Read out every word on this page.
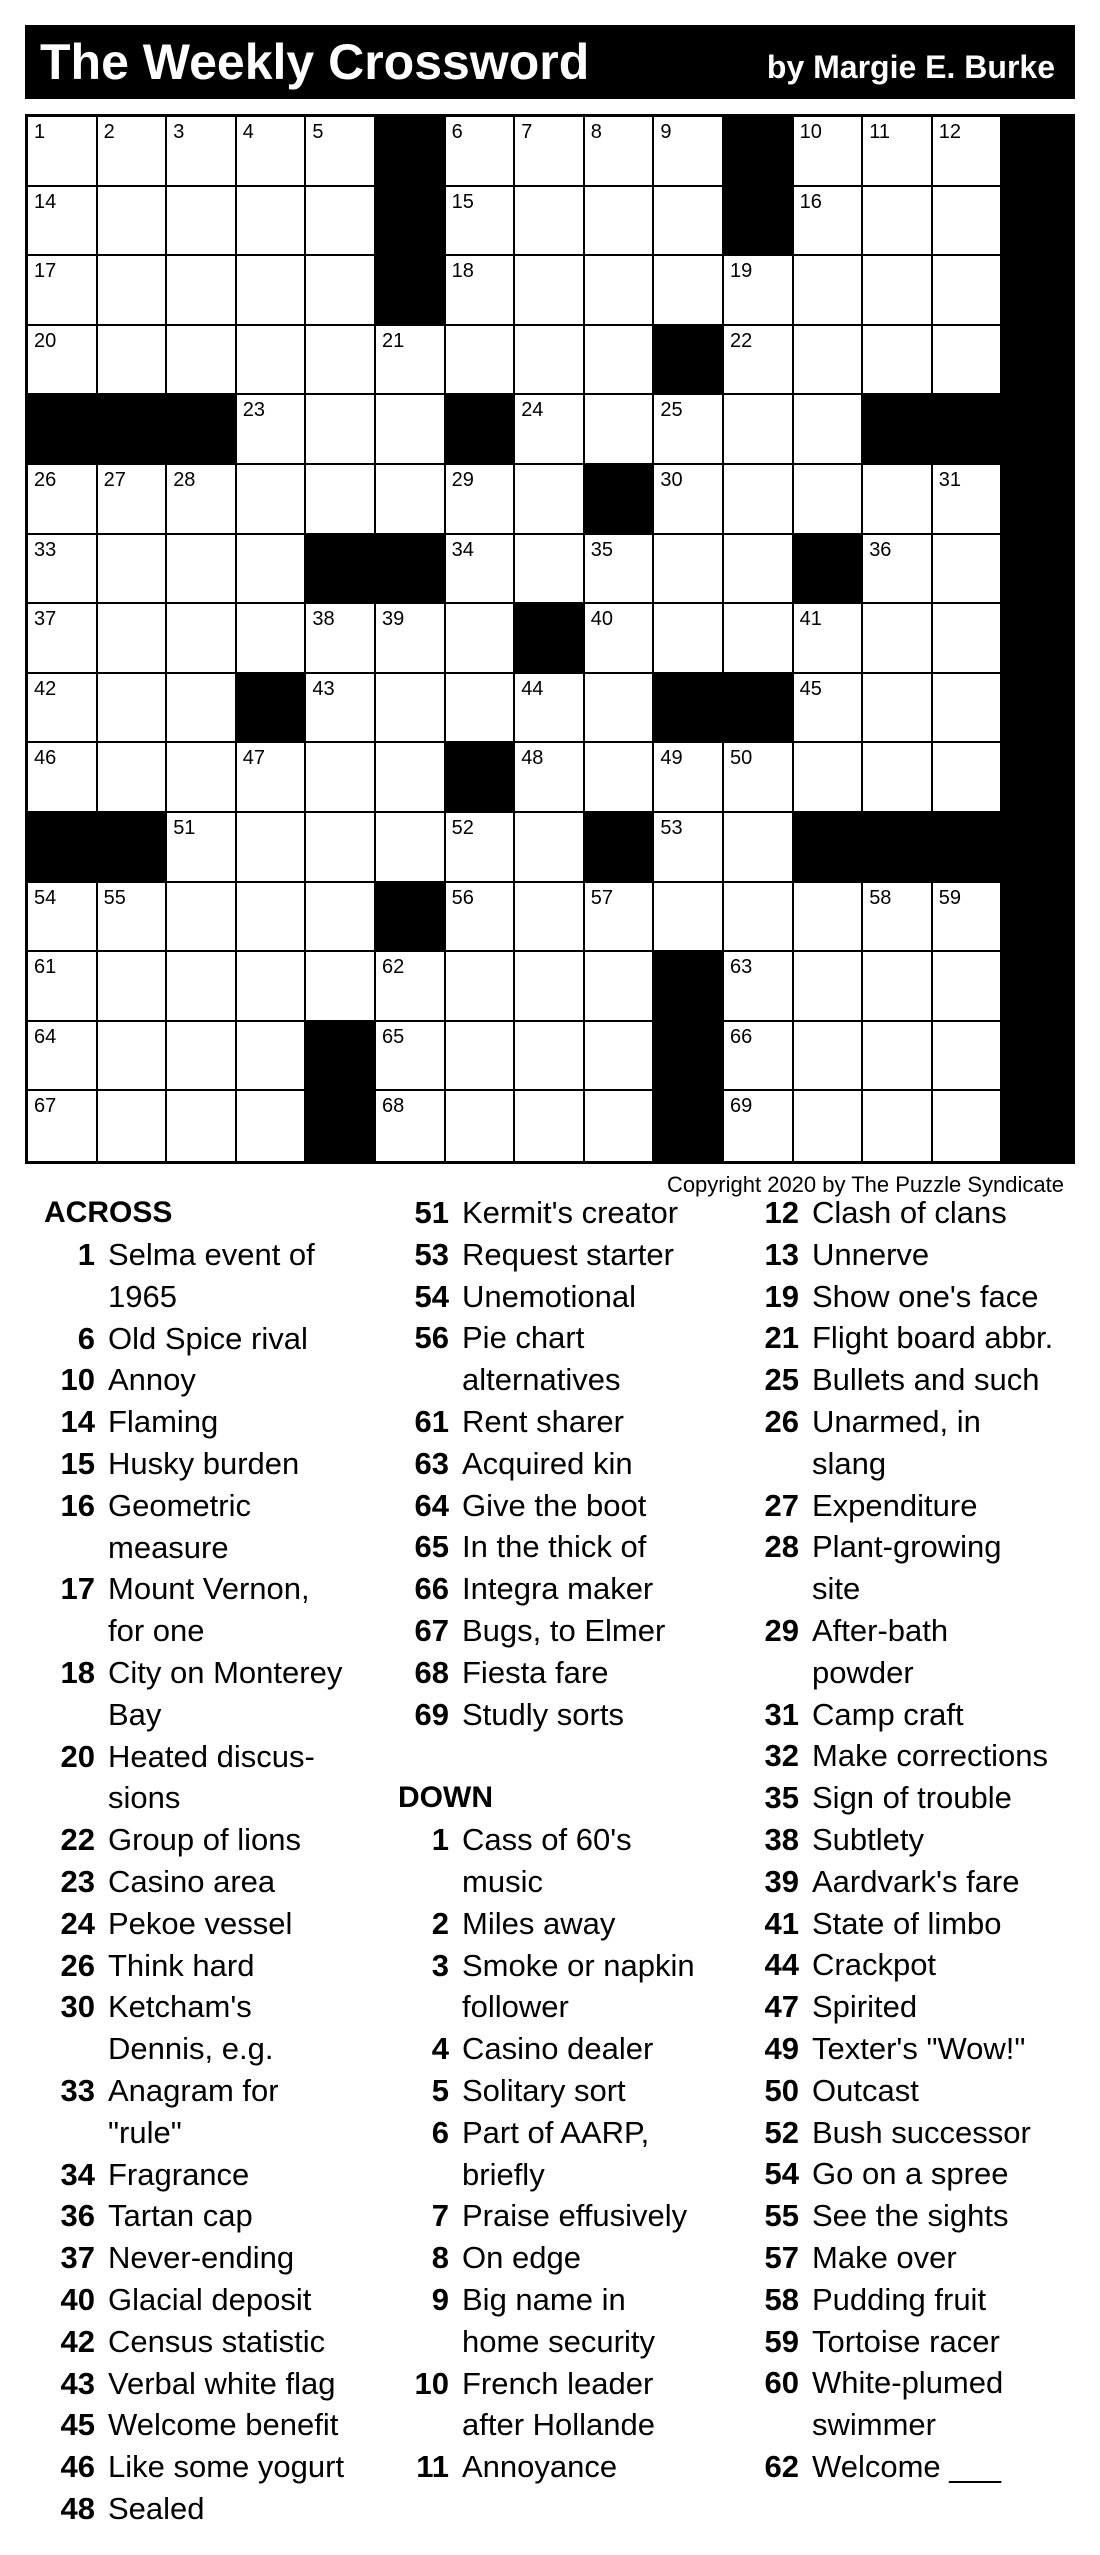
The Weekly Crossword	by Margie E. Burke
1	2	3	4	5	6	7	8	9	10 11 12
14	15	16
17	18	19
20	21	22
23	24	25
26 27 28	29	30	31
33	34	35	36
37	38 39	40	41
42	43	44	45
46	47	48	49 50
51	52	53
54 55	56	57	58 59
61	62	63
64	65	66
67	68	69
Copyright 2020 by The Puzzle Syndicate
ACROSS
1 Selma event of
1965
6 Old Spice rival
10 Annoy
14 Flaming
15 Husky burden
16 Geometric
measure
17 Mount Vernon,
for one
18 City on Monterey
Bay
20 Heated discus-
sions
22 Group of lions
23 Casino area
24 Pekoe vessel
26 Think hard
30 Ketcham's
Dennis, e.g.
33 Anagram for
"rule"
34 Fragrance
36 Tartan cap
37 Never-ending
40 Glacial deposit
42 Census statistic
43 Verbal white flag
45 Welcome benefit
46 Like some yogurt
48 Sealed
51 Kermit's creator
53 Request starter
54 Unemotional
56 Pie chart
alternatives
61 Rent sharer
63 Acquired kin
64 Give the boot
65 In the thick of
66 Integra maker
67 Bugs, to Elmer
68 Fiesta fare
69 Studly sorts
DOWN
1 Cass of 60's
music
2 Miles away
3 Smoke or napkin
follower
4 Casino dealer
5 Solitary sort
6 Part of AARP,
briefly
7 Praise effusively
8 On edge
9 Big name in
home security
10 French leader
after Hollande
11 Annoyance
12 Clash of clans
13 Unnerve
19 Show one's face
21 Flight board abbr.
25 Bullets and such
26 Unarmed, in
slang
27 Expenditure
28 Plant-growing
site
29 After-bath
powder
31 Camp craft
32 Make corrections
35 Sign of trouble
38 Subtlety
39 Aardvark's fare
41 State of limbo
44 Crackpot
47 Spirited
49 Texter's "Wow!"
50 Outcast
52 Bush successor
54 Go on a spree
55 See the sights
57 Make over
58 Pudding fruit
59 Tortoise racer
60 White-plumed
swimmer
62 Welcome ___
